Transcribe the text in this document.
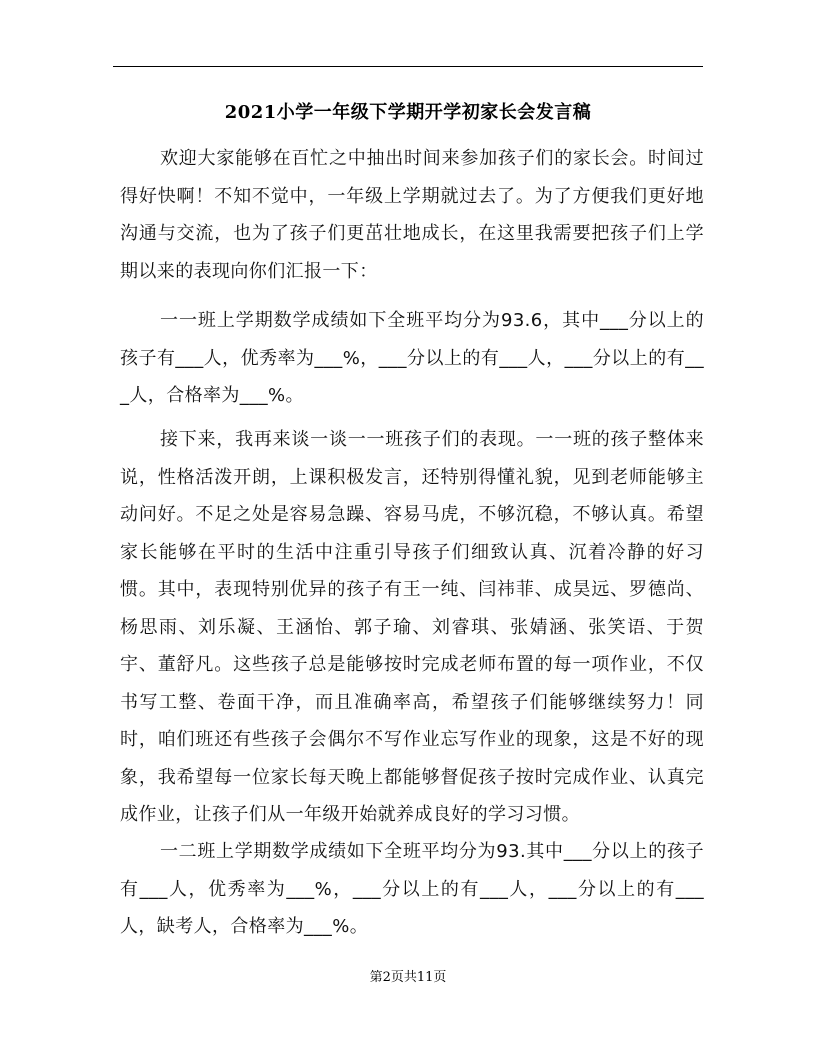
2021小学一年级下学期开学初家长会发言稿

欢迎大家能够在百忙之中抽出时间来参加孩子们的家长会。时间过得好快啊！不知不觉中，一年级上学期就过去了。为了方便我们更好地沟通与交流，也为了孩子们更茁壮地成长，在这里我需要把孩子们上学期以来的表现向你们汇报一下：

一一班上学期数学成绩如下全班平均分为93.6，其中___分以上的孩子有___人，优秀率为___%，___分以上的有___人，___分以上的有___人，合格率为___%。

接下来，我再来谈一谈一一班孩子们的表现。一一班的孩子整体来说，性格活泼开朗，上课积极发言，还特别得懂礼貌，见到老师能够主动问好。不足之处是容易急躁、容易马虎，不够沉稳，不够认真。希望家长能够在平时的生活中注重引导孩子们细致认真、沉着冷静的好习惯。其中，表现特别优异的孩子有王一纯、闫祎菲、成昊远、罗德尚、杨思雨、刘乐凝、王涵怡、郭子瑜、刘睿琪、张婧涵、张笑语、于贺宇、董舒凡。这些孩子总是能够按时完成老师布置的每一项作业，不仅书写工整、卷面干净，而且准确率高，希望孩子们能够继续努力！同时，咱们班还有些孩子会偶尔不写作业忘写作业的现象，这是不好的现象，我希望每一位家长每天晚上都能够督促孩子按时完成作业、认真完成作业，让孩子们从一年级开始就养成良好的学习习惯。

一二班上学期数学成绩如下全班平均分为93.其中___分以上的孩子有___人，优秀率为___%，___分以上的有___人，___分以上的有___人，缺考人，合格率为___%。

第2页共11页
